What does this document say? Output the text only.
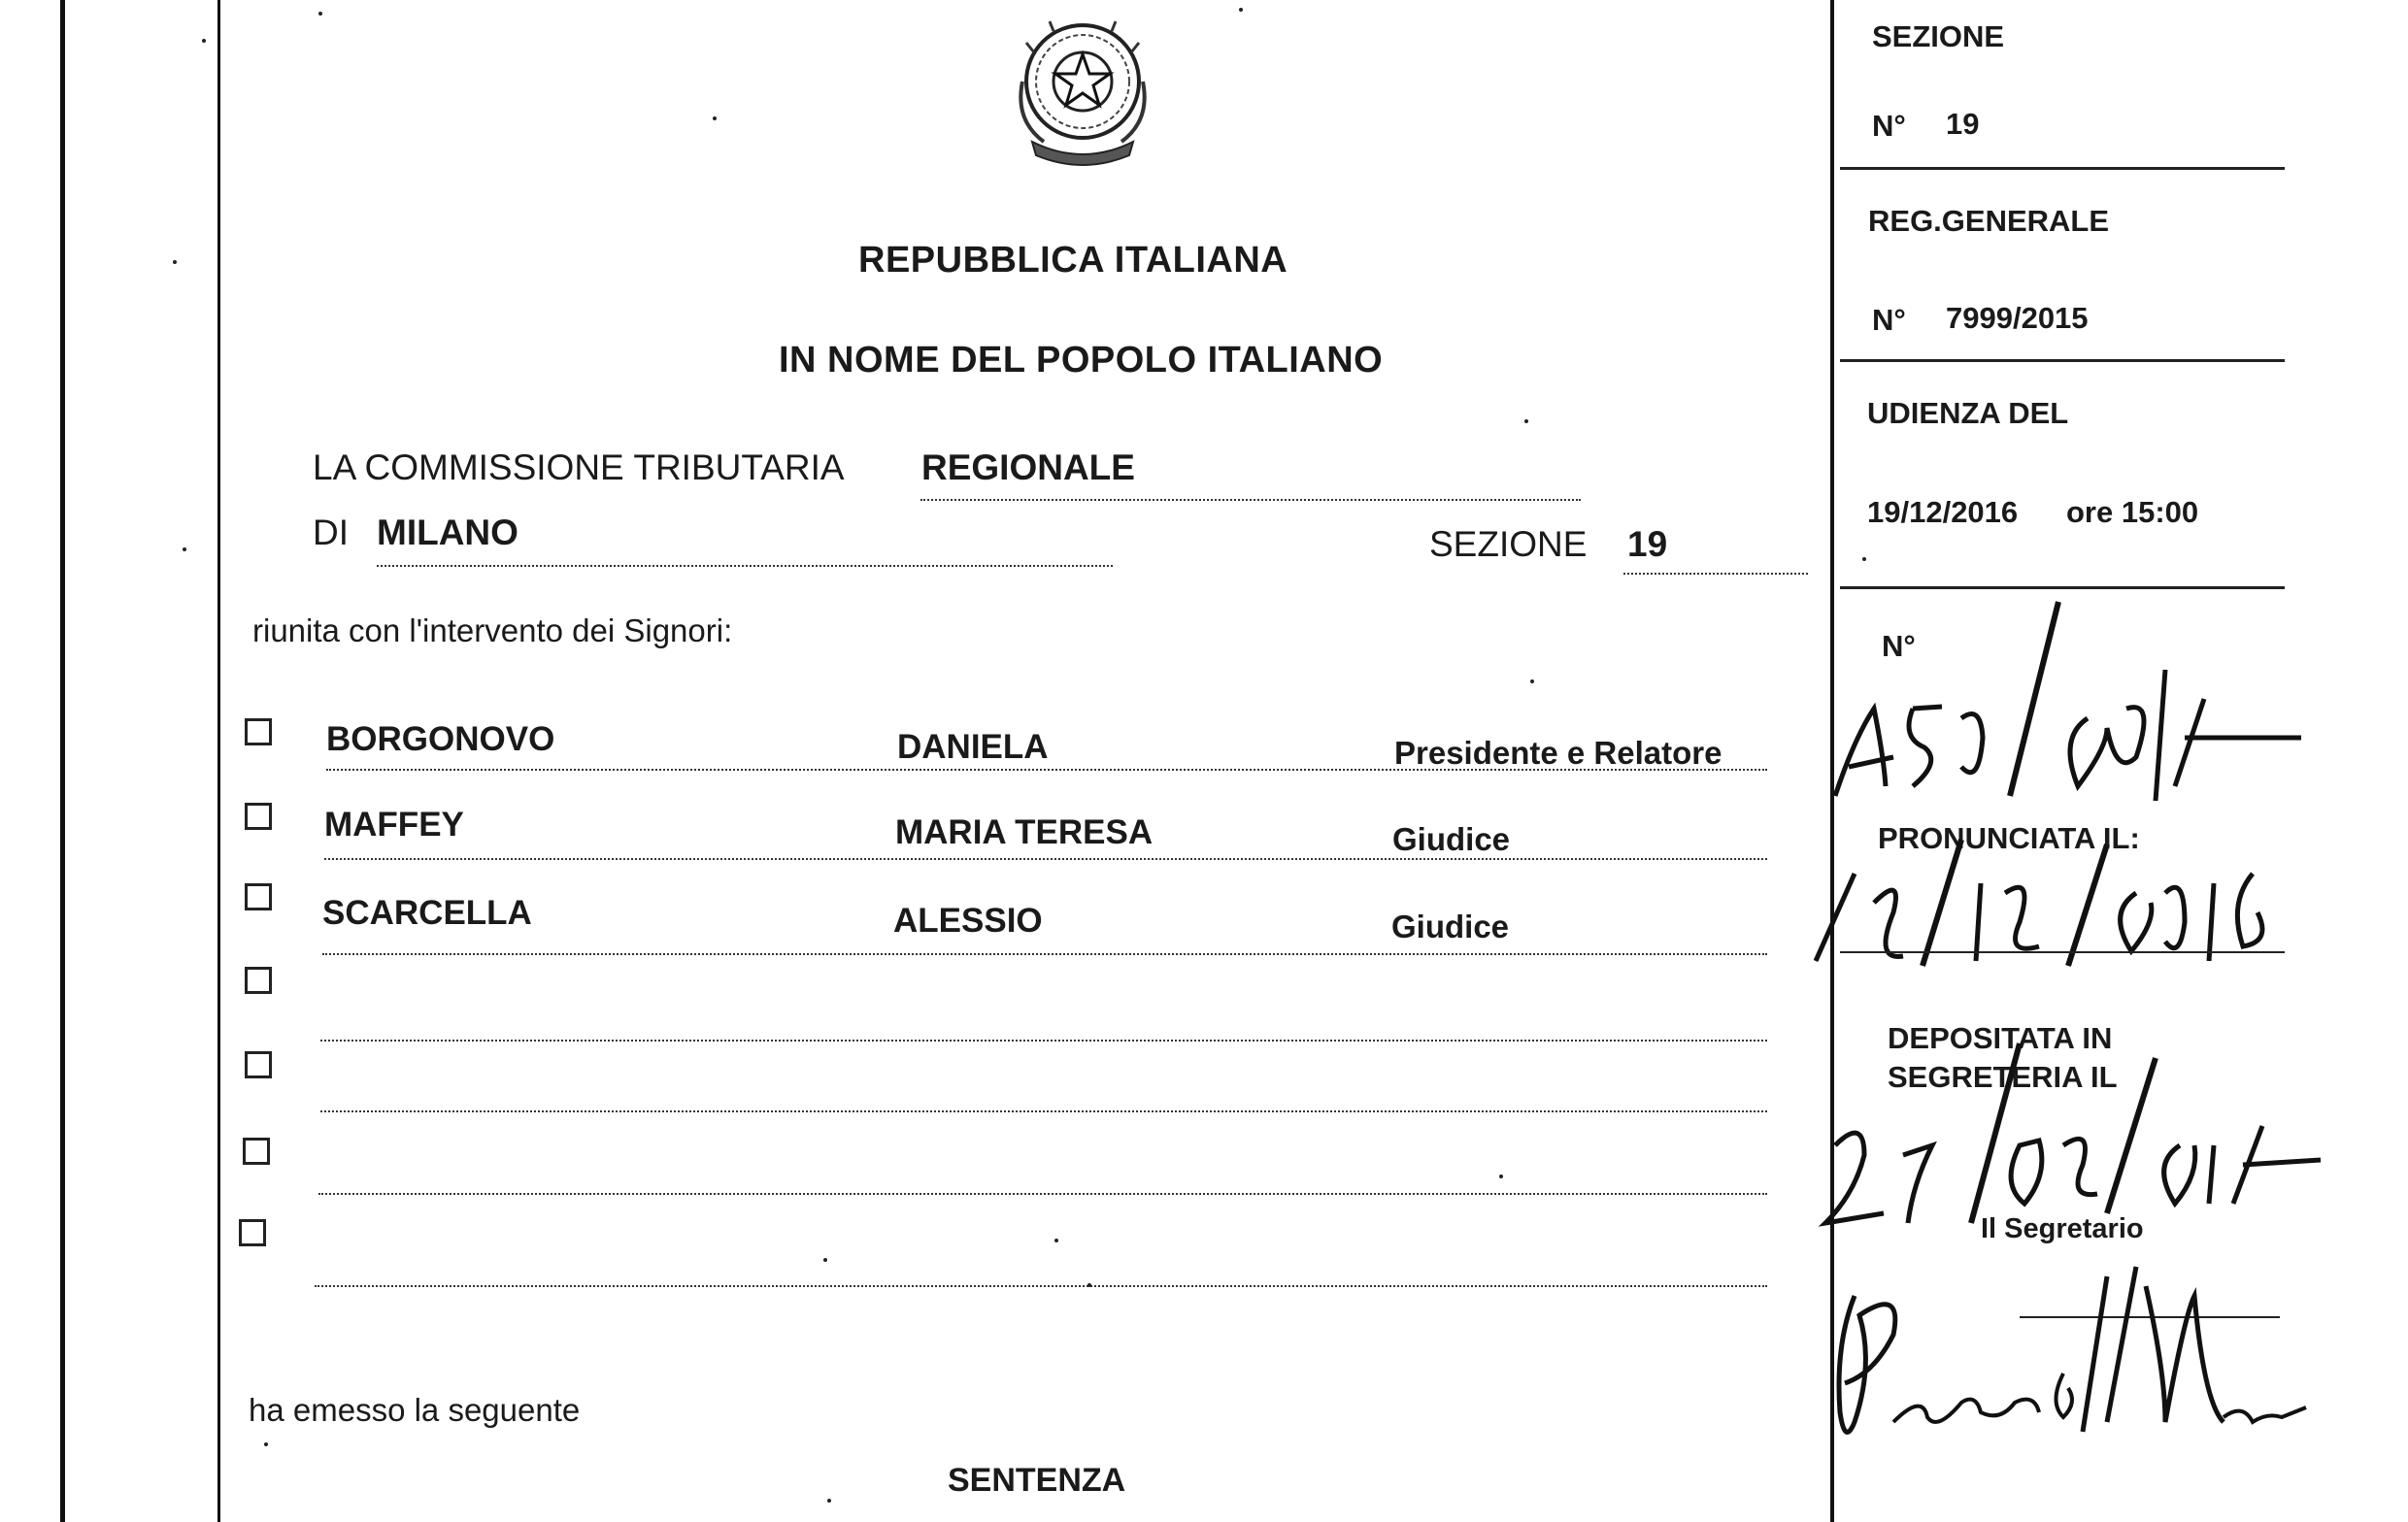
REPUBBLICA ITALIANA
IN NOME DEL POPOLO ITALIANO
LA COMMISSIONE TRIBUTARIA REGIONALE
DI MILANO	SEZIONE 19
riunita con l'intervento dei Signori:
BORGONOVO	DANIELA	Presidente e Relatore
MAFFEY	MARIA TERESA	Giudice
SCARCELLA	ALESSIO	Giudice
ha emesso la seguente
SENTENZA
SEZIONE
N° 19
REG.GENERALE
N° 7999/2015
UDIENZA DEL
19/12/2016 ore 15:00
N°
PRONUNCIATA IL:
DEPOSITATA IN
SEGRETERIA IL
Il Segretario
